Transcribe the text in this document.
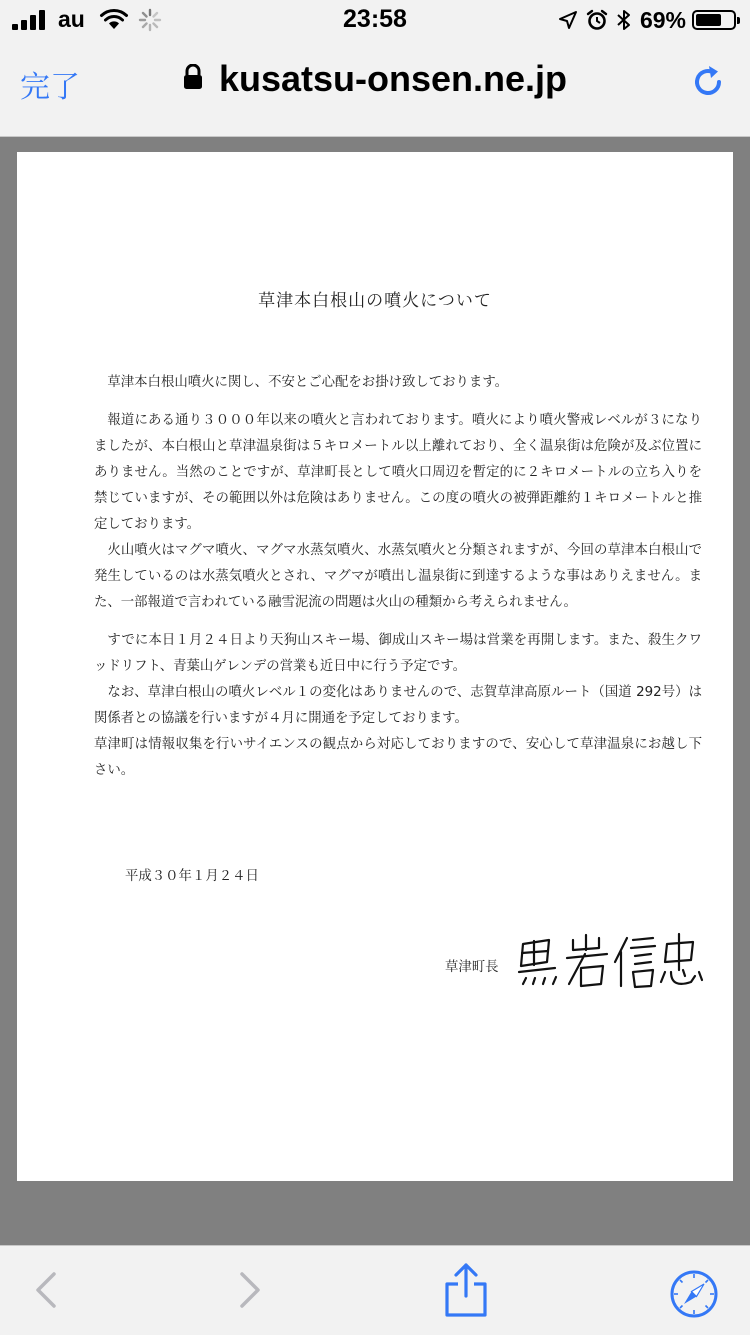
au	23:58	69%
完了	kusatsu-onsen.ne.jp
草津本白根山の噴火について

草津本白根山噴火に関し、不安とご心配をお掛け致しております。

報道にある通り３０００年以来の噴火と言われております。噴火により噴火警戒レベルが３になりましたが、本白根山と草津温泉街は５キロメートル以上離れており、全く温泉街は危険が及ぶ位置にありません。当然のことですが、草津町長として噴火口周辺を暫定的に２キロメートルの立ち入りを禁じていますが、その範囲以外は危険はありません。この度の噴火の被弾距離約１キロメートルと推定しております。

火山噴火はマグマ噴火、マグマ水蒸気噴火、水蒸気噴火と分類されますが、今回の草津本白根山で発生しているのは水蒸気噴火とされ、マグマが噴出し温泉街に到達するような事はありえません。また、一部報道で言われている融雪泥流の問題は火山の種類から考えられません。

すでに本日１月２４日より天狗山スキー場、御成山スキー場は営業を再開します。また、殺生クワッドリフト、青葉山ゲレンデの営業も近日中に行う予定です。

なお、草津白根山の噴火レベル１の変化はありませんので、志賀草津高原ルート（国道 292号）は関係者との協議を行いますが４月に開通を予定しております。

草津町は情報収集を行いサイエンスの観点から対応しておりますので、安心して草津温泉にお越し下さい。

平成３０年１月２４日
草津町長
